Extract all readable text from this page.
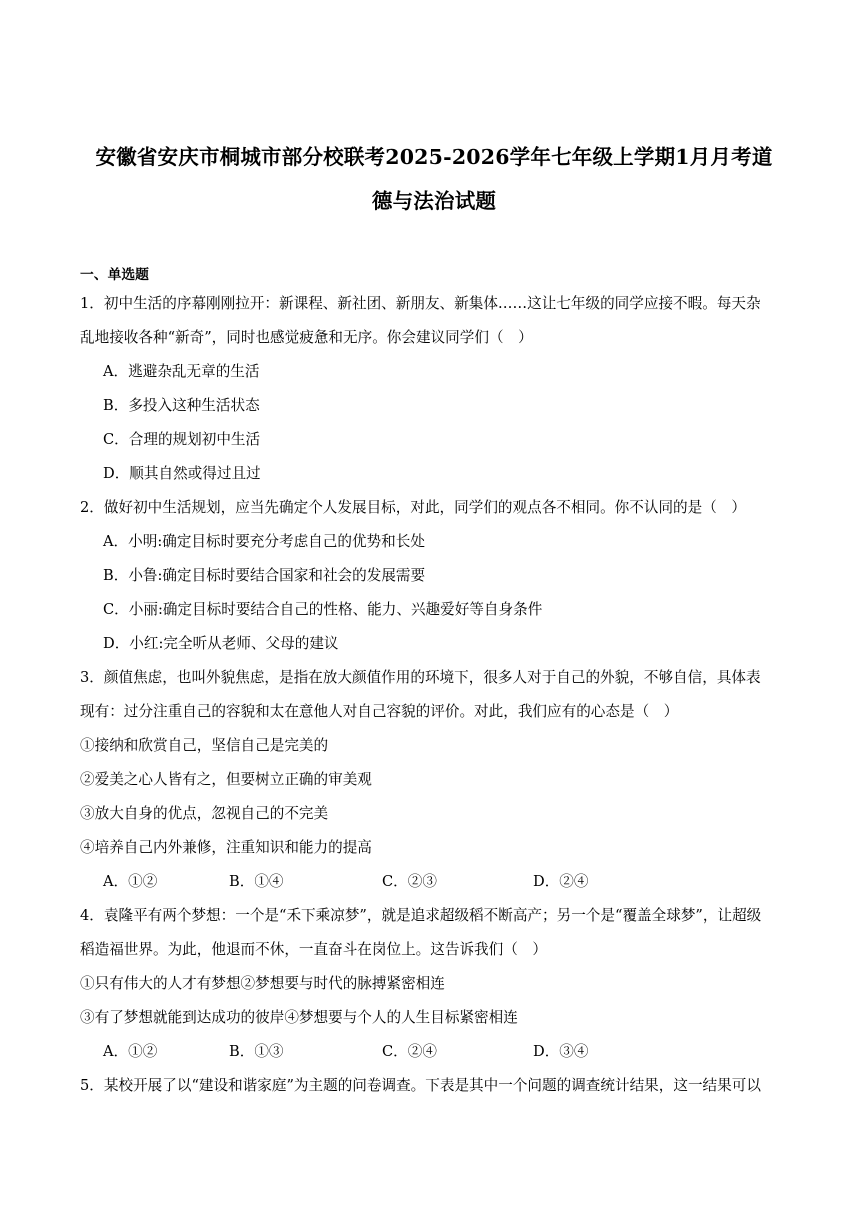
安徽省安庆市桐城市部分校联考2025-2026学年七年级上学期1月月考道
德与法治试题
一、单选题
1．初中生活的序幕刚刚拉开：新课程、新社团、新朋友、新集体……这让七年级的同学应接不暇。每天杂
乱地接收各种“新奇”，同时也感觉疲惫和无序。你会建议同学们（　）
A．逃避杂乱无章的生活
B．多投入这种生活状态
C．合理的规划初中生活
D．顺其自然或得过且过
2．做好初中生活规划，应当先确定个人发展目标，对此，同学们的观点各不相同。你不认同的是（　）
A．小明:确定目标时要充分考虑自己的优势和长处
B．小鲁:确定目标时要结合国家和社会的发展需要
C．小丽:确定目标时要结合自己的性格、能力、兴趣爱好等自身条件
D．小红:完全听从老师、父母的建议
3．颜值焦虑，也叫外貌焦虑，是指在放大颜值作用的环境下，很多人对于自己的外貌，不够自信，具体表
现有：过分注重自己的容貌和太在意他人对自己容貌的评价。对此，我们应有的心态是（　）
①接纳和欣赏自己，坚信自己是完美的
②爱美之心人皆有之，但要树立正确的审美观
③放大自身的优点，忽视自己的不完美
④培养自己内外兼修，注重知识和能力的提高
A．①②	B．①④	C．②③	D．②④
4．袁隆平有两个梦想：一个是“禾下乘凉梦”，就是追求超级稻不断高产；另一个是“覆盖全球梦”，让超级
稻造福世界。为此，他退而不休，一直奋斗在岗位上。这告诉我们（　）
①只有伟大的人才有梦想②梦想要与时代的脉搏紧密相连
③有了梦想就能到达成功的彼岸④梦想要与个人的人生目标紧密相连
A．①②	B．①③	C．②④	D．③④
5．某校开展了以“建设和谐家庭”为主题的问卷调查。下表是其中一个问题的调查统计结果，这一结果可以
